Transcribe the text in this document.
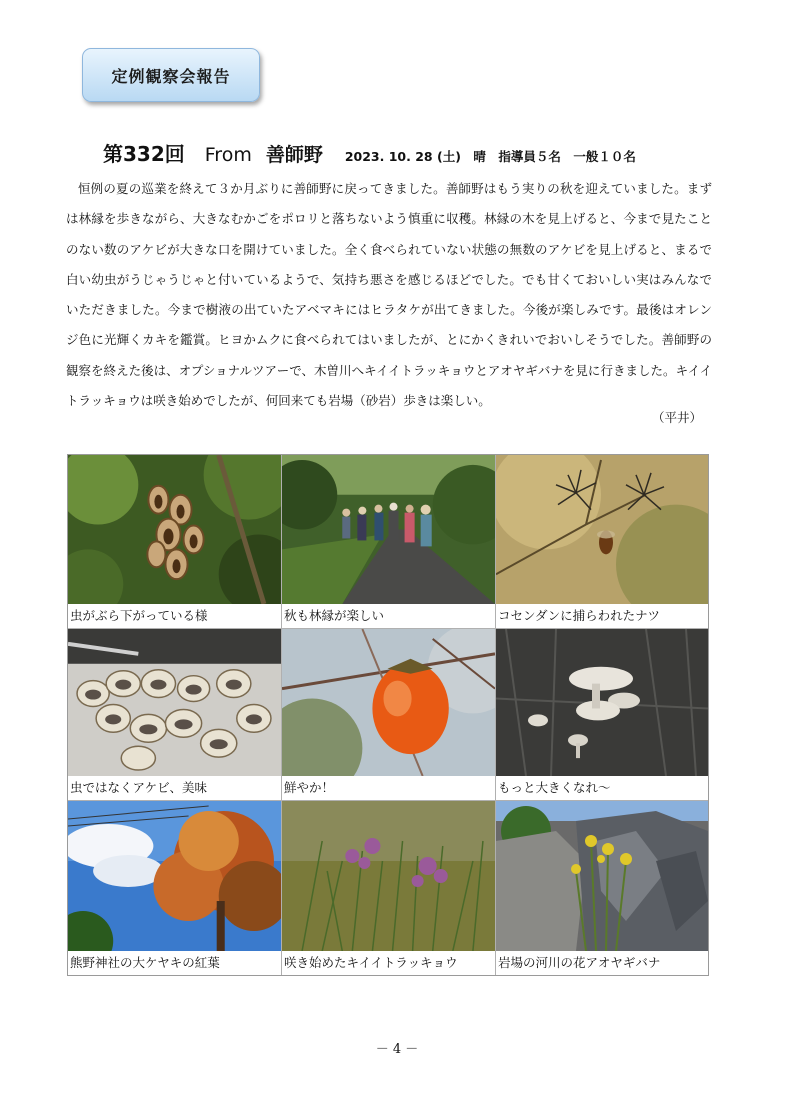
定例観察会報告
第332回 From 善師野 2023. 10. 28 (土)　晴　指導員５名　一般１０名

恒例の夏の巡業を終えて３か月ぶりに善師野に戻ってきました。善師野はもう実りの秋を迎えていました。まずは林縁を歩きながら、大きなむかごをポロリと落ちないよう慎重に収穫。林縁の木を見上げると、今まで見たことのない数のアケビが大きな口を開けていました。全く食べられていない状態の無数のアケビを見上げると、まるで白い幼虫がうじゃうじゃと付いているようで、気持ち悪さを感じるほどでした。でも甘くておいしい実はみんなでいただきました。今まで樹液の出ていたアベマキにはヒラタケが出てきました。今後が楽しみです。最後はオレンジ色に光輝くカキを鑑賞。ヒヨかムクに食べられてはいましたが、とにかくきれいでおいしそうでした。善師野の観察を終えた後は、オプショナルツアーで、木曽川へキイイトラッキョウとアオヤギバナを見に行きました。キイイトラッキョウは咲き始めでしたが、何回来ても岩場（砂岩）歩きは楽しい。

（平井）
虫がぶら下がっている様	秋も林縁が楽しい	コセンダンに捕らわれたナツ
虫ではなくアケビ、美味	鮮やか！	もっと大きくなれ～
熊野神社の大ケヤキの紅葉	咲き始めたキイイトラッキョウ	岩場の河川の花アオヤギバナ
－ 4 －
